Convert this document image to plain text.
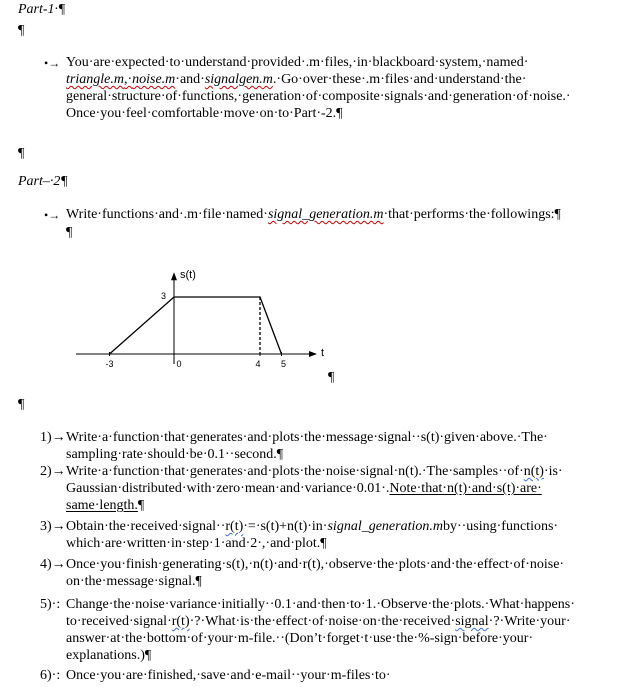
Part-1·¶
¶
•→ You·are·expected·to·understand·provided·.m·files,·in·blackboard·system,·named·
triangle.m,·noise.m·and·signalgen.m.·Go·over·these·.m·files·and·understand·the·
general·structure·of·functions,·generation·of·composite·signals·and·generation·of·noise.·
Once·you·feel·comfortable·move·on·to·Part·-2.¶
¶
Part–·2¶
•→ Write·functions·and·.m·file·named·signal_generation.m·that·performs·the·followings:¶
¶
-3	0	4 5
3
s(t)
t
¶
¶
1)→ Write·a·function·that·generates·and·plots·the·message·signal··s(t)·given·above.·The·
sampling·rate·should·be·0.1··second.¶
2)→ Write·a·function·that·generates·and·plots·the·noise·signal·n(t).·The·samples··of·n(t)·is·
Gaussian·distributed·with·zero·mean·and·variance·0.01·.Note·that·n(t)·and·s(t)·are·
same·length.¶
3)→ Obtain·the·received·signal··r(t)·=·s(t)+n(t)·in·signal_generation.mby··using·functions·
which·are·written·in·step·1·and·2·,·and·plot.¶
4)→ Once·you·finish·generating·s(t),·n(t)·and·r(t),·observe·the·plots·and·the·effect·of·noise·
on·the·message·signal.¶
5)·: Change·the·noise·variance·initially··0.1·and·then·to·1.·Observe·the·plots.·What·happens·
to·received·signal·r(t)·?·What·is·the·effect·of·noise·on·the·received·signal·?·Write·your·
answer·at·the·bottom·of·your·m-file.··(Don’t·forget·t·use·the·%-sign·before·your·
explanations.)¶
6)·: Once·you·are·finished,·save·and·e-mail··your·m-files·to·
